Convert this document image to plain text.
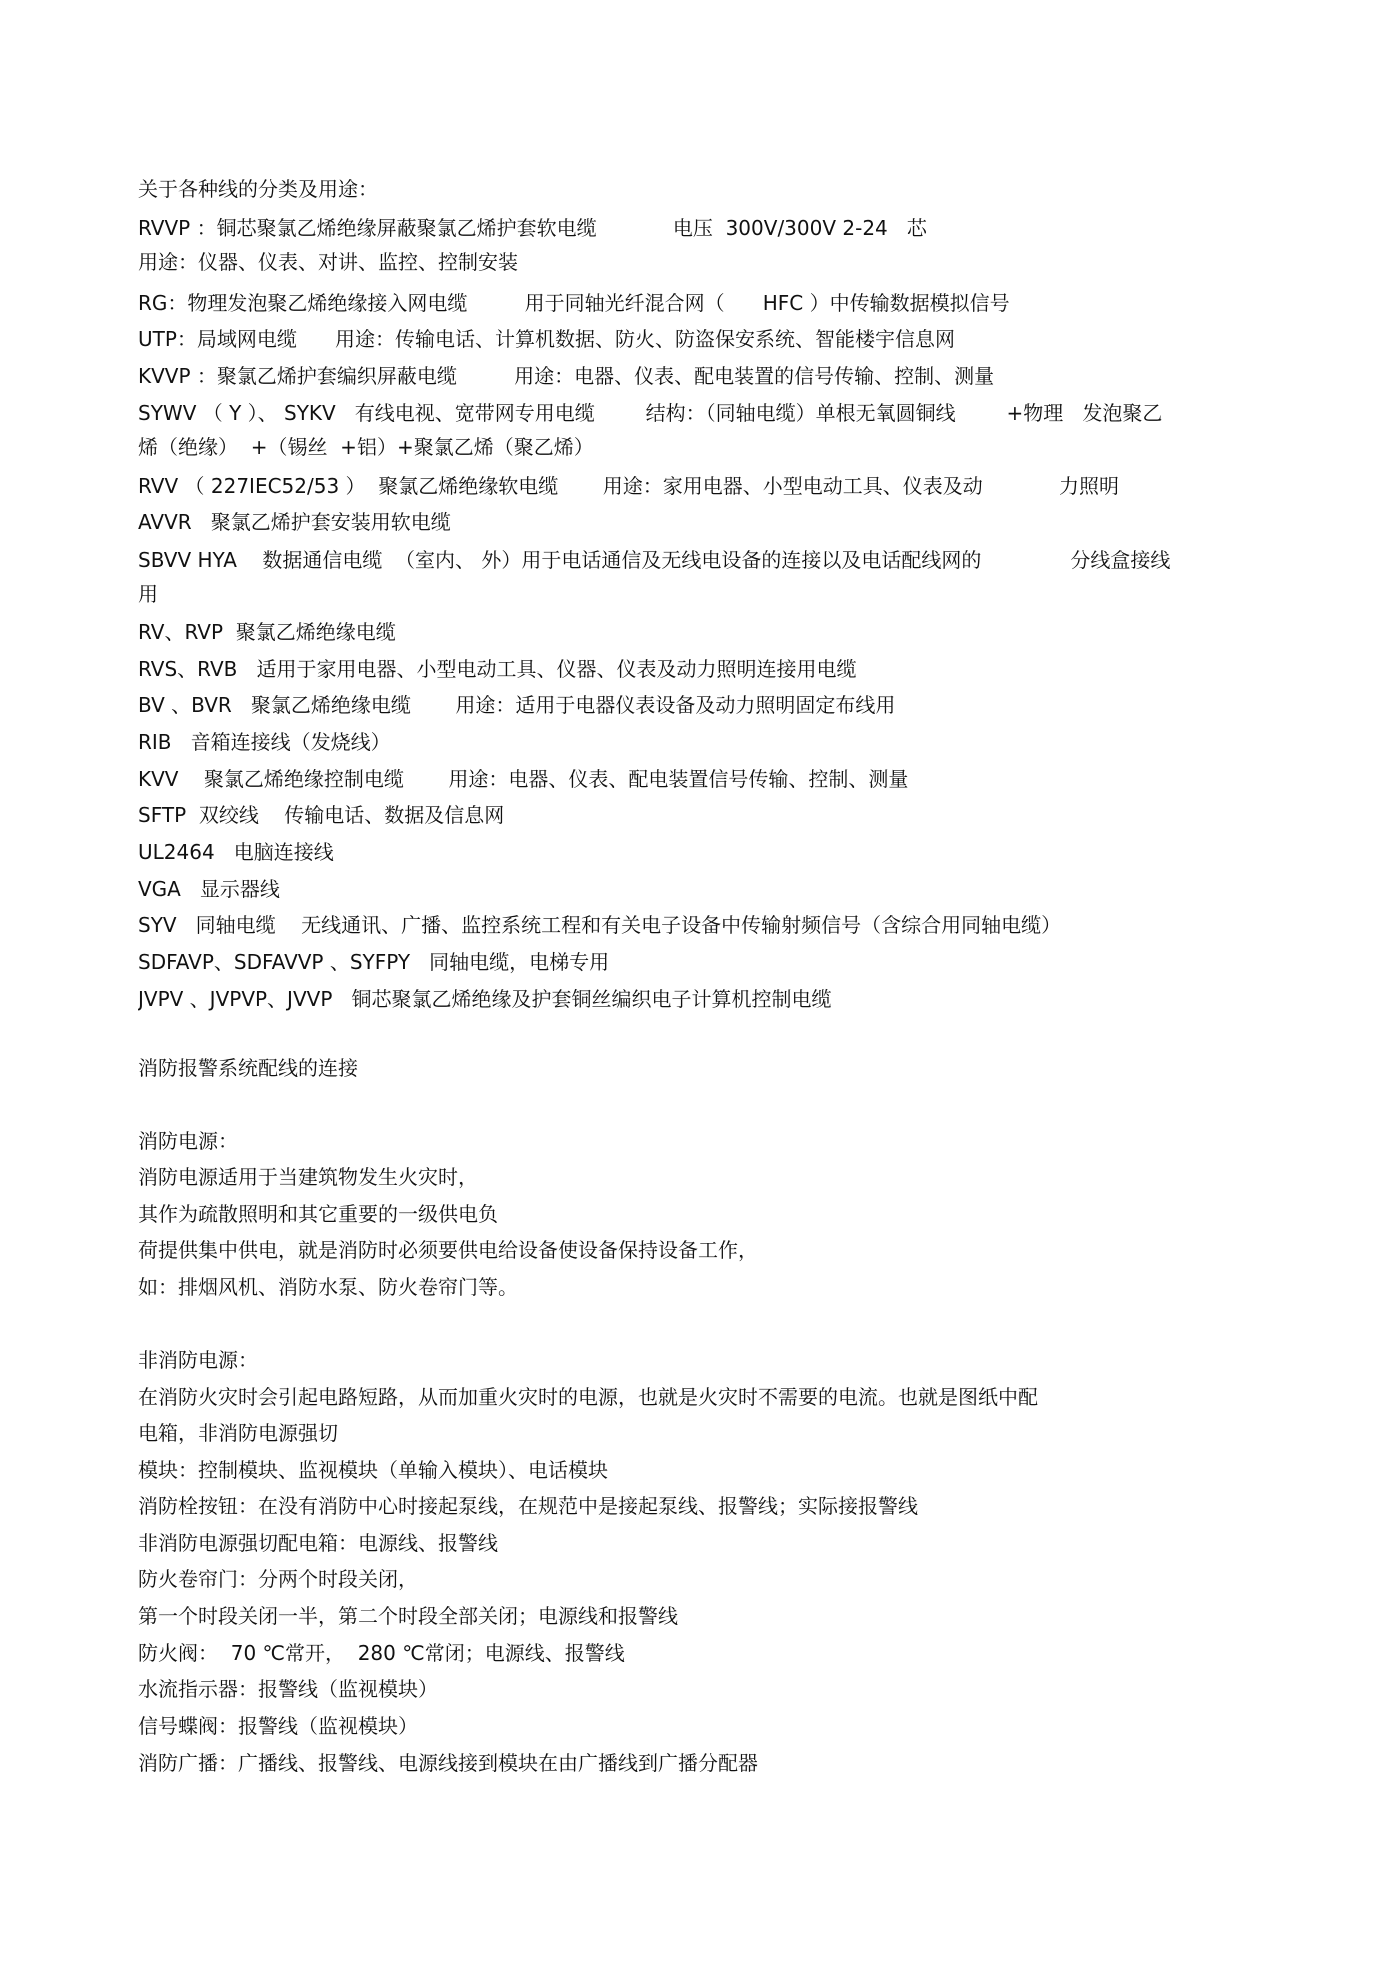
关于各种线的分类及用途：
RVVP ：铜芯聚氯乙烯绝缘屏蔽聚氯乙烯护套软电缆            电压  300V/300V 2-24   芯
用途：仪器、仪表、对讲、监控、控制安装
RG：物理发泡聚乙烯绝缘接入网电缆         用于同轴光纤混合网（      HFC ）中传输数据模拟信号
UTP：局域网电缆      用途：传输电话、计算机数据、防火、防盗保安系统、智能楼宇信息网
KVVP ：聚氯乙烯护套编织屏蔽电缆         用途：电器、仪表、配电装置的信号传输、控制、测量
SYWV （ Y ）、 SYKV   有线电视、宽带网专用电缆        结构：（同轴电缆）单根无氧圆铜线        +物理   发泡聚乙
烯（绝缘）  +（锡丝  +铝）+聚氯乙烯（聚乙烯）
RVV （ 227IEC52/53 ）  聚氯乙烯绝缘软电缆       用途：家用电器、小型电动工具、仪表及动            力照明
AVVR   聚氯乙烯护套安装用软电缆
SBVV HYA    数据通信电缆  （室内、 外）用于电话通信及无线电设备的连接以及电话配线网的              分线盒接线
用
RV、RVP  聚氯乙烯绝缘电缆
RVS、RVB   适用于家用电器、小型电动工具、仪器、仪表及动力照明连接用电缆
BV 、BVR   聚氯乙烯绝缘电缆       用途：适用于电器仪表设备及动力照明固定布线用
RIB   音箱连接线（发烧线）
KVV    聚氯乙烯绝缘控制电缆       用途：电器、仪表、配电装置信号传输、控制、测量
SFTP  双绞线    传输电话、数据及信息网
UL2464   电脑连接线
VGA   显示器线
SYV   同轴电缆    无线通讯、广播、监控系统工程和有关电子设备中传输射频信号（含综合用同轴电缆）
SDFAVP、SDFAVVP 、SYFPY   同轴电缆，电梯专用
JVPV 、JVPVP、JVVP   铜芯聚氯乙烯绝缘及护套铜丝编织电子计算机控制电缆
消防报警系统配线的连接
消防电源：
消防电源适用于当建筑物发生火灾时，
其作为疏散照明和其它重要的一级供电负
荷提供集中供电，就是消防时必须要供电给设备使设备保持设备工作，
如：排烟风机、消防水泵、防火卷帘门等。
非消防电源：
在消防火灾时会引起电路短路，从而加重火灾时的电源，也就是火灾时不需要的电流。也就是图纸中配
电箱，非消防电源强切
模块：控制模块、监视模块（单输入模块）、电话模块
消防栓按钮：在没有消防中心时接起泵线，在规范中是接起泵线、报警线；实际接报警线
非消防电源强切配电箱：电源线、报警线
防火卷帘门：分两个时段关闭，
第一个时段关闭一半，第二个时段全部关闭；电源线和报警线
防火阀：  70 ℃常开，  280 ℃常闭；电源线、报警线
水流指示器：报警线（监视模块）
信号蝶阀：报警线（监视模块）
消防广播：广播线、报警线、电源线接到模块在由广播线到广播分配器
